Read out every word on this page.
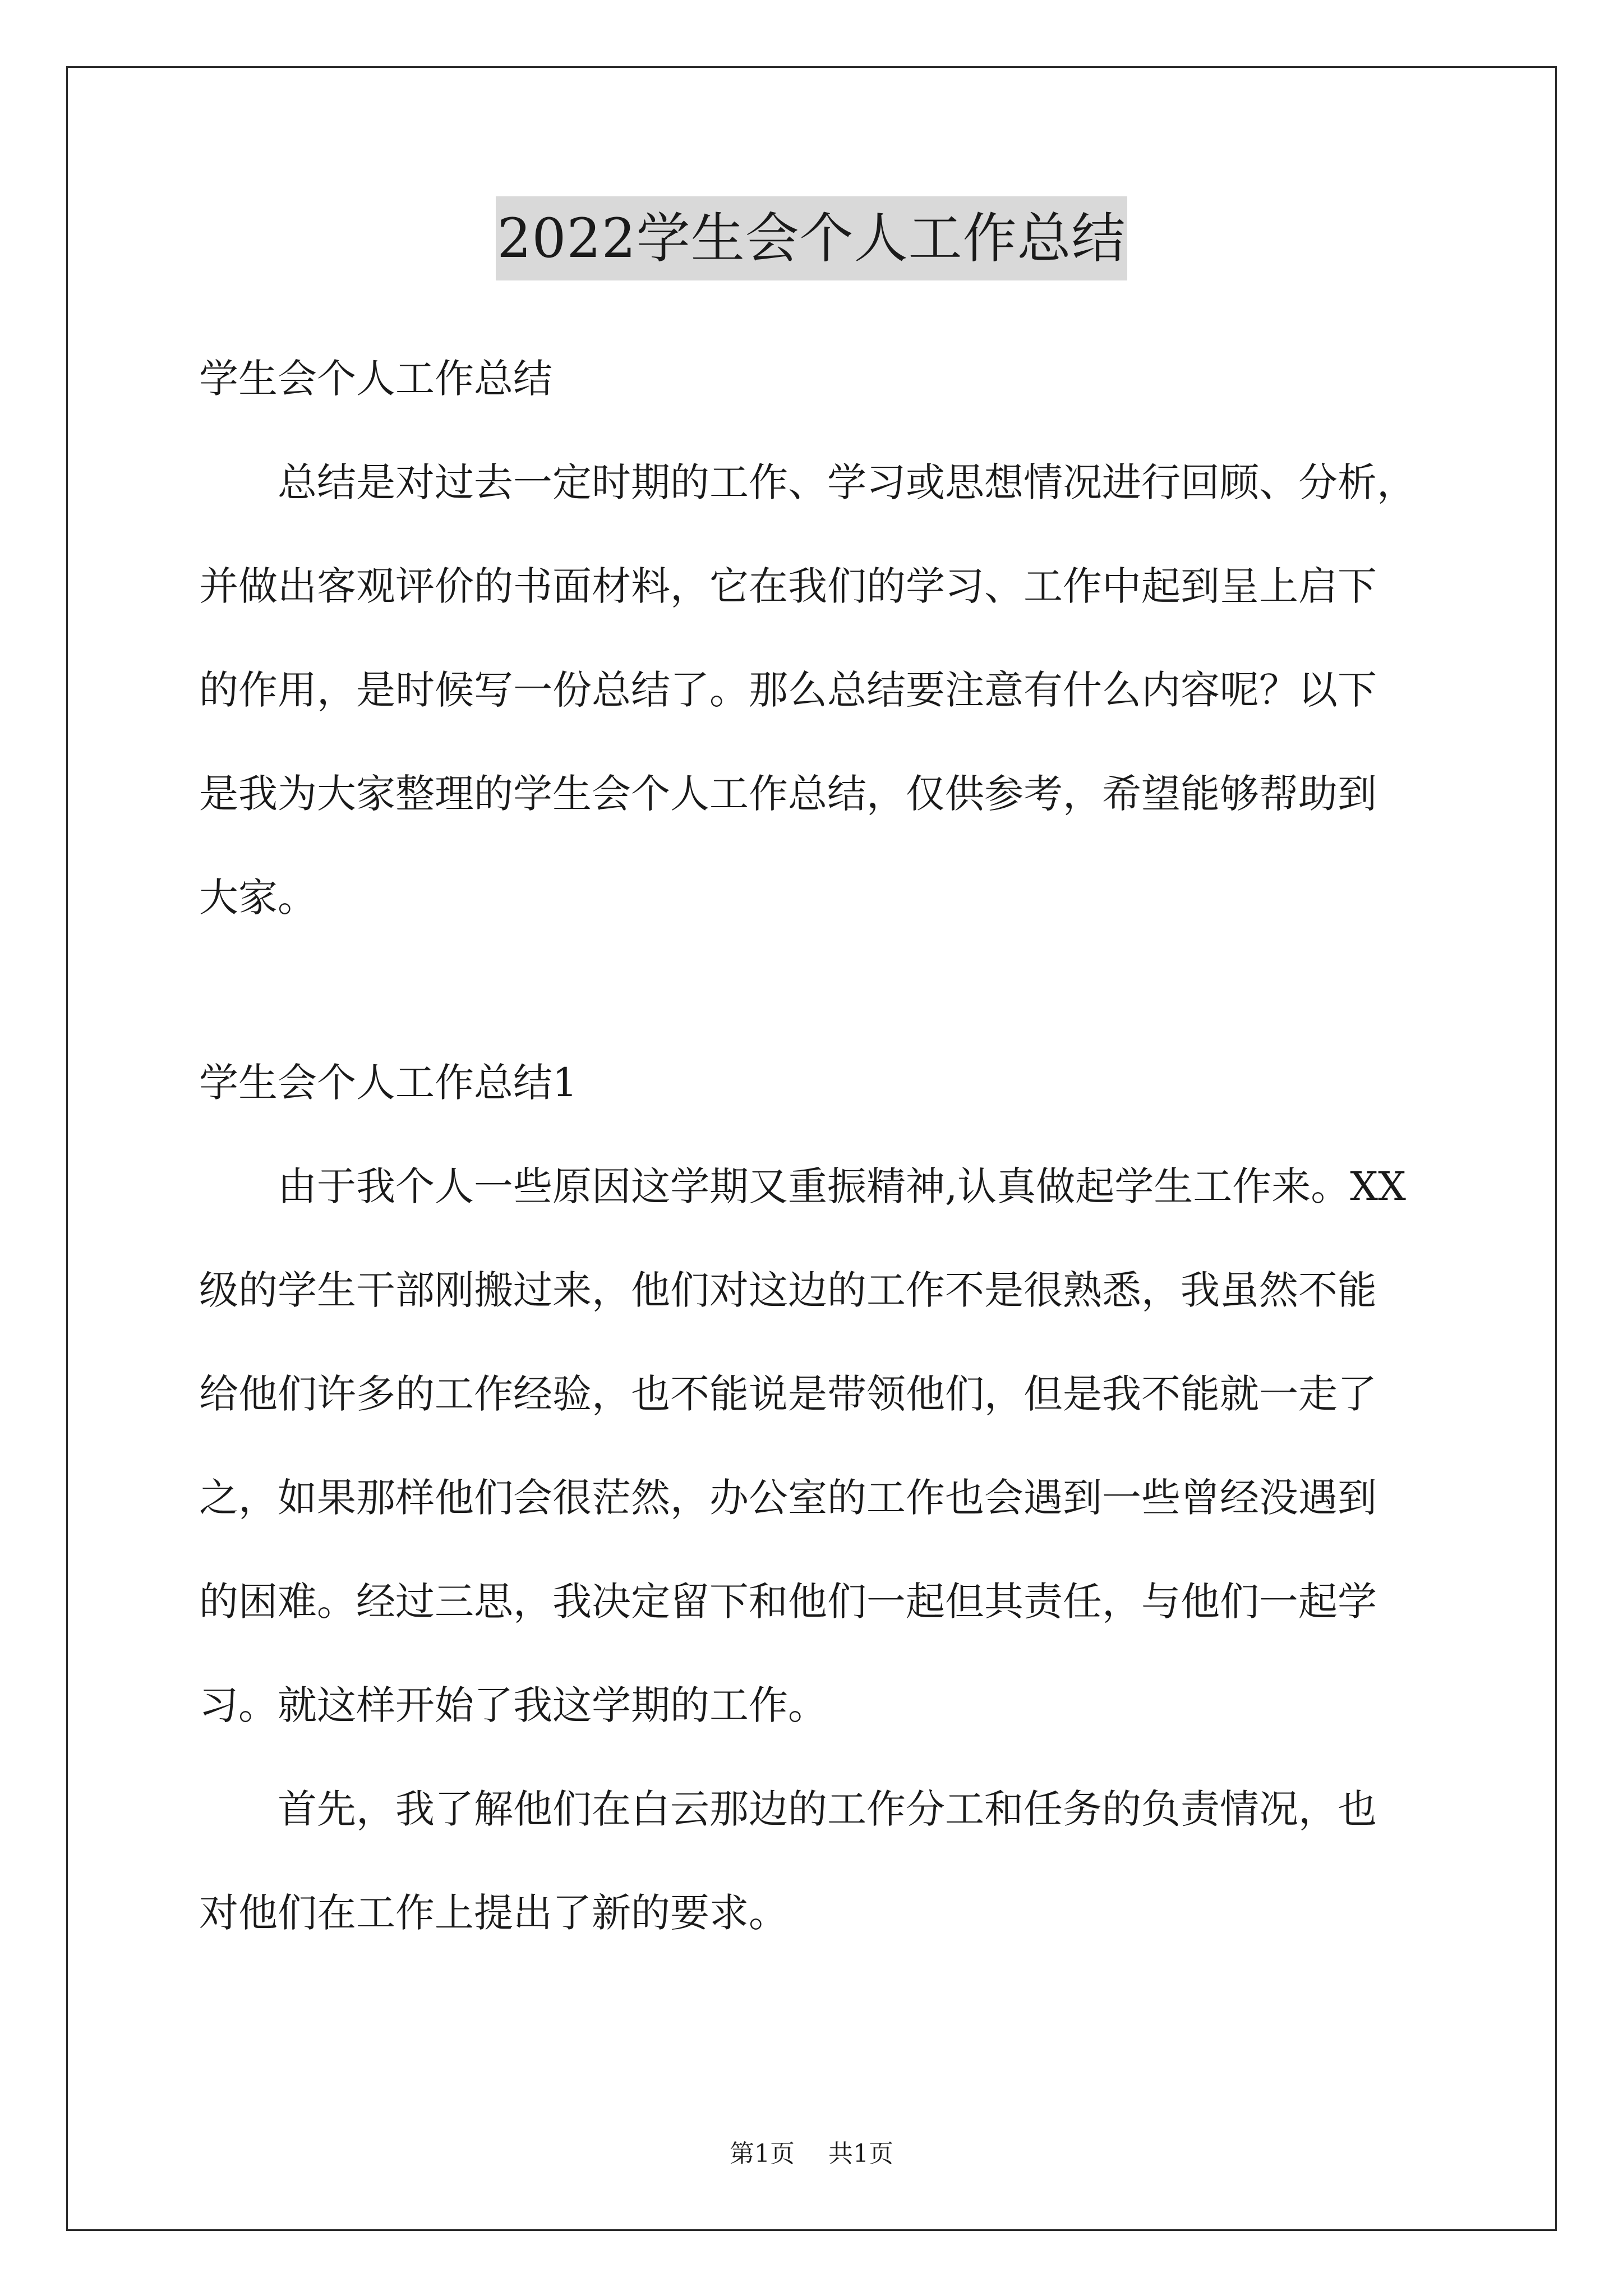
2022学生会个人工作总结
学生会个人工作总结
　　总结是对过去一定时期的工作、学习或思想情况进行回顾、分析，
并做出客观评价的书面材料，它在我们的学习、工作中起到呈上启下
的作用，是时候写一份总结了。那么总结要注意有什么内容呢？以下
是我为大家整理的学生会个人工作总结，仅供参考，希望能够帮助到
大家。
学生会个人工作总结1
　　由于我个人一些原因这学期又重振精神,认真做起学生工作来。XX
级的学生干部刚搬过来，他们对这边的工作不是很熟悉，我虽然不能
给他们许多的工作经验，也不能说是带领他们，但是我不能就一走了
之，如果那样他们会很茫然，办公室的工作也会遇到一些曾经没遇到
的困难。经过三思，我决定留下和他们一起但其责任，与他们一起学
习。就这样开始了我这学期的工作。
　　首先，我了解他们在白云那边的工作分工和任务的负责情况，也
对他们在工作上提出了新的要求。
第1页 共1页
